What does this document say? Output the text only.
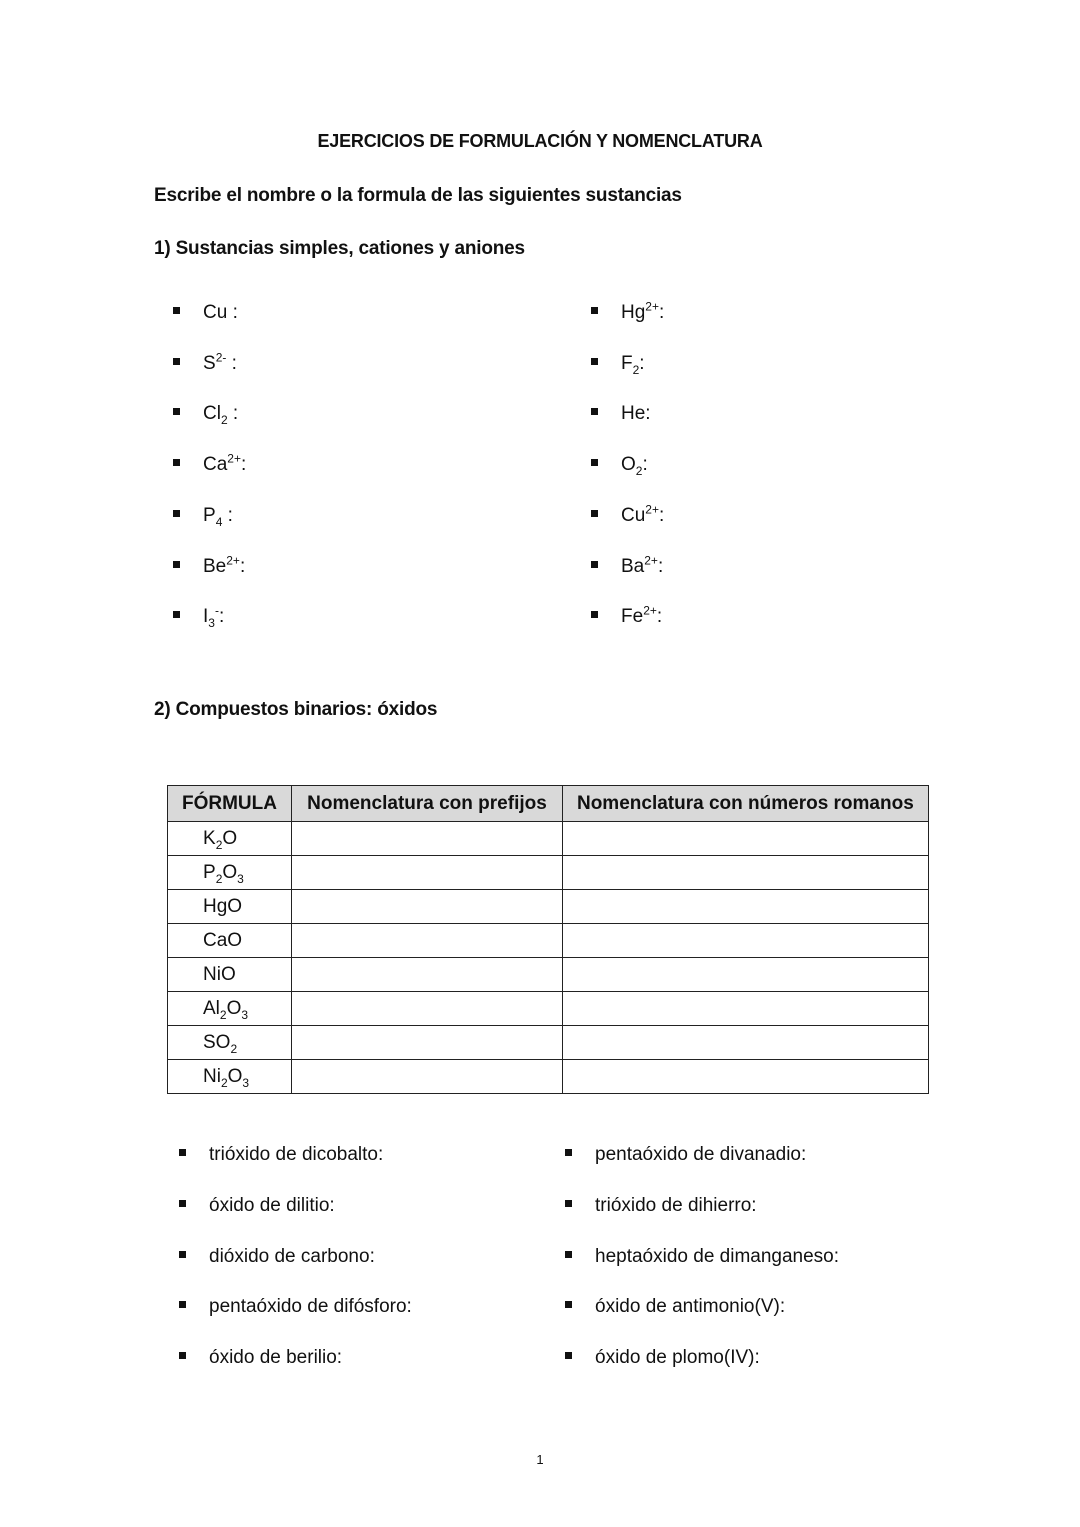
EJERCICIOS DE FORMULACIÓN Y NOMENCLATURA
Escribe el nombre o la formula de las siguientes sustancias
1) Sustancias simples, cationes y aniones
Cu :
$S^{2-}$ :
$Cl_2$ :
$Ca^{2+}$:
$P_4$ :
$Be^{2+}$:
$I_3^-$:
$Hg^{2+}$:
$F_2$:
He:
$O_2$:
$Cu^{2+}$:
$Ba^{2+}$:
$Fe^{2+}$:
2) Compuestos binarios: óxidos
FÓRMULA	Nomenclatura con prefijos	Nomenclatura con números romanos
$K_2O$		
$P_2O_3$		
HgO		
CaO		
NiO		
$Al_2O_3$		
$SO_2$		
$Ni_2O_3$		
trióxido de dicobalto:
óxido de dilitio:
dióxido de carbono:
pentaóxido de difósforo:
óxido de berilio:
pentaóxido de divanadio:
trióxido de dihierro:
heptaóxido de dimanganeso:
óxido de antimonio(V):
óxido de plomo(IV):
1
